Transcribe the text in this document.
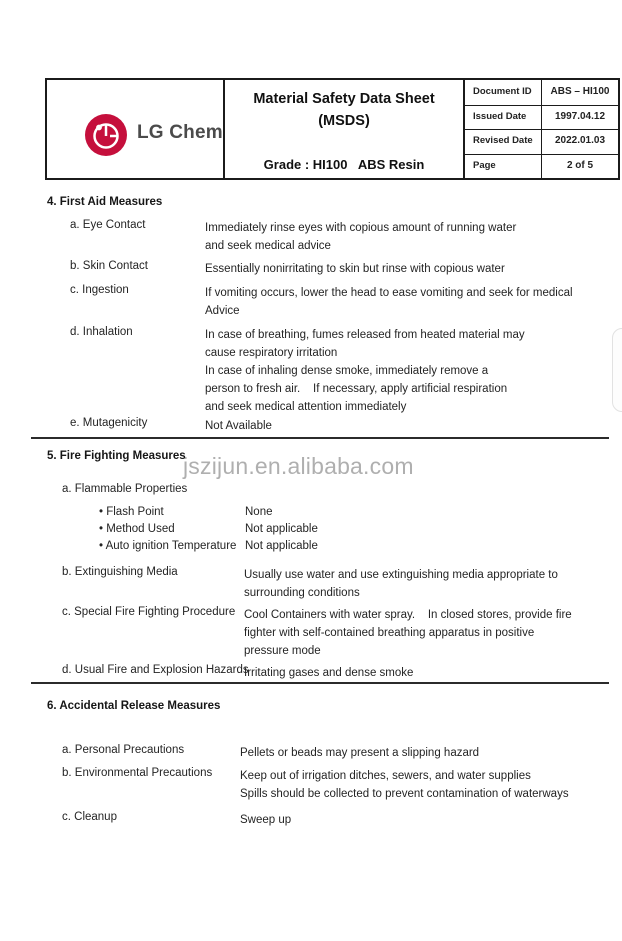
LG Chem
Material Safety Data Sheet
(MSDS)
Grade : HI100   ABS Resin
Document ID	ABS – HI100
Issued Date	1997.04.12
Revised Date	2022.01.03
Page	2 of 5
4. First Aid Measures
a. Eye Contact	Immediately rinse eyes with copious amount of running water
and seek medical advice
b. Skin Contact	Essentially nonirritating to skin but rinse with copious water
c. Ingestion	If vomiting occurs, lower the head to ease vomiting and seek for medical
Advice
d. Inhalation	In case of breathing, fumes released from heated material may
cause respiratory irritation
In case of inhaling dense smoke, immediately remove a
person to fresh air.    If necessary, apply artificial respiration
and seek medical attention immediately
e. Mutagenicity	Not Available
jszijun.en.alibaba.com
5. Fire Fighting Measures
a. Flammable Properties
• Flash Point	None
• Method Used	Not applicable
• Auto ignition Temperature Not applicable
b. Extinguishing Media	Usually use water and use extinguishing media appropriate to
surrounding conditions
c. Special Fire Fighting Procedure Cool Containers with water spray.    In closed stores, provide fire
fighter with self-contained breathing apparatus in positive
pressure mode
d. Usual Fire and Explosion Hazards
Irritating gases and dense smoke
6. Accidental Release Measures
a. Personal Precautions	Pellets or beads may present a slipping hazard
b. Environmental Precautions Keep out of irrigation ditches, sewers, and water supplies
Spills should be collected to prevent contamination of waterways
c. Cleanup	Sweep up
